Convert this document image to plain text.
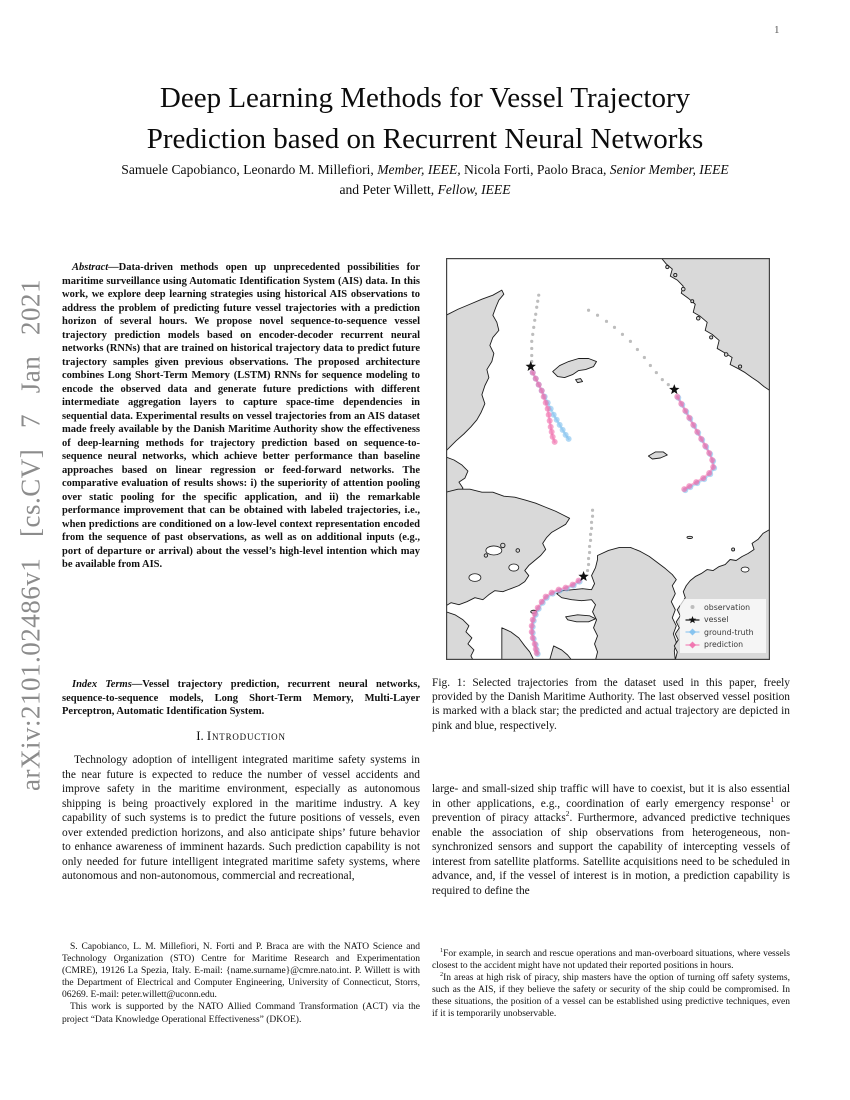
1
arXiv:2101.02486v1 [cs.CV] 7 Jan 2021
Deep Learning Methods for Vessel Trajectory
Prediction based on Recurrent Neural Networks
Samuele Capobianco, Leonardo M. Millefiori, Member, IEEE, Nicola Forti, Paolo Braca, Senior Member, IEEE
and Peter Willett, Fellow, IEEE

Abstract—Data-driven methods open up unprecedented possibilities for maritime surveillance using Automatic Identification System (AIS) data. In this work, we explore deep learning strategies using historical AIS observations to address the problem of predicting future vessel trajectories with a prediction horizon of several hours. We propose novel sequence-to-sequence vessel trajectory prediction models based on encoder-decoder recurrent neural networks (RNNs) that are trained on historical trajectory data to predict future trajectory samples given previous observations. The proposed architecture combines Long Short-Term Memory (LSTM) RNNs for sequence modeling to encode the observed data and generate future predictions with different intermediate aggregation layers to capture space-time dependencies in sequential data. Experimental results on vessel trajectories from an AIS dataset made freely available by the Danish Maritime Authority show the effectiveness of deep-learning methods for trajectory prediction based on sequence-to-sequence neural networks, which achieve better performance than baseline approaches based on linear regression or feed-forward networks. The comparative evaluation of results shows: i) the superiority of attention pooling over static pooling for the specific application, and ii) the remarkable performance improvement that can be obtained with labeled trajectories, i.e., when predictions are conditioned on a low-level context representation encoded from the sequence of past observations, as well as on additional inputs (e.g., port of departure or arrival) about the vessel’s high-level intention which may be available from AIS.

Index Terms—Vessel trajectory prediction, recurrent neural networks, sequence-to-sequence models, Long Short-Term Memory, Multi-Layer Perceptron, Automatic Identification System.

I. Introduction

Technology adoption of intelligent integrated maritime safety systems in the near future is expected to reduce the number of vessel accidents and improve safety in the maritime environment, especially as autonomous shipping is being proactively explored in the maritime industry. A key capability of such systems is to predict the future positions of vessels, even over extended prediction horizons, and also anticipate ships’ future behavior to enhance awareness of imminent hazards. Such prediction capability is not only needed for future intelligent integrated maritime safety systems, where autonomous and non-autonomous, commercial and recreational,

S. Capobianco, L. M. Millefiori, N. Forti and P. Braca are with the NATO Science and Technology Organization (STO) Centre for Maritime Research and Experimentation (CMRE), 19126 La Spezia, Italy. E-mail: {name.surname}@cmre.nato.int. P. Willett is with the Department of Electrical and Computer Engineering, University of Connecticut, Storrs, 06269. E-mail: peter.willett@uconn.edu.

This work is supported by the NATO Allied Command Transformation (ACT) via the project “Data Knowledge Operational Effectiveness” (DKOE).

observation
vessel
ground-truth
prediction
Fig. 1: Selected trajectories from the dataset used in this paper, freely provided by the Danish Maritime Authority. The last observed vessel position is marked with a black star; the predicted and actual trajectory are depicted in pink and blue, respectively.

large- and small-sized ship traffic will have to coexist, but it is also essential in other applications, e.g., coordination of early emergency response$^1$ or prevention of piracy attacks$^2$. Furthermore, advanced predictive techniques enable the association of ship observations from heterogeneous, non-synchronized sensors and support the capability of intercepting vessels of interest from satellite platforms. Satellite acquisitions need to be scheduled in advance, and, if the vessel of interest is in motion, a prediction capability is required to define the

$^1$For example, in search and rescue operations and man-overboard situations, where vessels closest to the accident might have not updated their reported positions in hours.

$^2$In areas at high risk of piracy, ship masters have the option of turning off safety systems, such as the AIS, if they believe the safety or security of the ship could be compromised. In these situations, the position of a vessel can be established using predictive techniques, even if it is temporarily unobservable.
